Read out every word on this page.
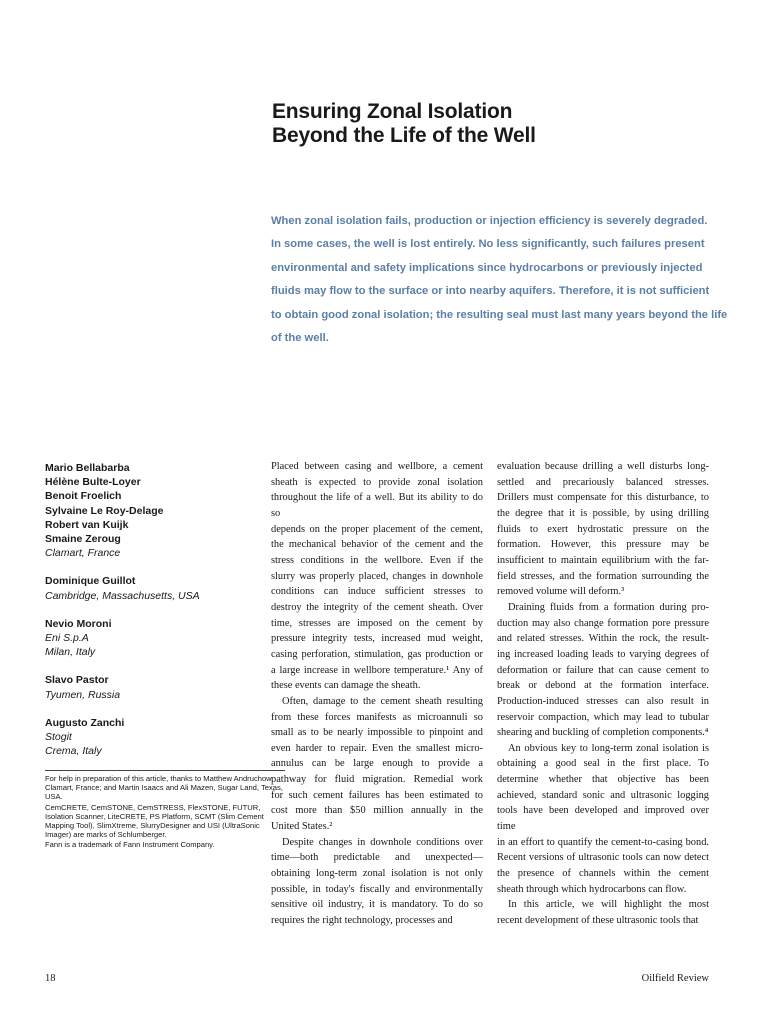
Ensuring Zonal Isolation
Beyond the Life of the Well
When zonal isolation fails, production or injection efficiency is severely degraded.
In some cases, the well is lost entirely. No less significantly, such failures present
environmental and safety implications since hydrocarbons or previously injected
fluids may flow to the surface or into nearby aquifers. Therefore, it is not sufficient
to obtain good zonal isolation; the resulting seal must last many years beyond the life
of the well.
Mario Bellabarba
Hélène Bulte-Loyer
Benoit Froelich
Sylvaine Le Roy-Delage
Robert van Kuijk
Smaine Zeroug
Clamart, France
Dominique Guillot
Cambridge, Massachusetts, USA
Nevio Moroni
Eni S.p.A
Milan, Italy
Slavo Pastor
Tyumen, Russia
Augusto Zanchi
Stogit
Crema, Italy

For help in preparation of this article, thanks to Matthew Andruchow, Clamart, France; and Martin Isaacs and Ali Mazen, Sugar Land, Texas, USA.

CemCRETE, CemSTONE, CemSTRESS, FlexSTONE, FUTUR, Isolation Scanner, LiteCRETE, PS Platform, SCMT (Slim Cement Mapping Tool), SlimXtreme, SlurryDesigner and USI (UltraSonic Imager) are marks of Schlumberger.

Fann is a trademark of Fann Instrument Company.

Placed between casing and wellbore, a cement
sheath is expected to provide zonal isolation
throughout the life of a well. But its ability to do so
depends on the proper placement of the cement,
the mechanical behavior of the cement and the
stress conditions in the wellbore. Even if the
slurry was properly placed, changes in downhole
conditions can induce sufficient stresses to
destroy the integrity of the cement sheath. Over
time, stresses are imposed on the cement by
pressure integrity tests, increased mud weight,
casing perforation, stimulation, gas production or
a large increase in wellbore temperature.¹ Any of
these events can damage the sheath.
Often, damage to the cement sheath resulting
from these forces manifests as microannuli so
small as to be nearly impossible to pinpoint and
even harder to repair. Even the smallest micro-
annulus can be large enough to provide a
pathway for fluid migration. Remedial work
for such cement failures has been estimated to
cost more than $50 million annually in the
United States.²
Despite changes in downhole conditions over
time—both predictable and unexpected—
obtaining long-term zonal isolation is not only
possible, in today's fiscally and environmentally
sensitive oil industry, it is mandatory. To do so
requires the right technology, processes and
evaluation because drilling a well disturbs long-
settled and precariously balanced stresses.
Drillers must compensate for this disturbance, to
the degree that it is possible, by using drilling
fluids to exert hydrostatic pressure on the
formation. However, this pressure may be
insufficient to maintain equilibrium with the far-
field stresses, and the formation surrounding the
removed volume will deform.³
Draining fluids from a formation during pro-
duction may also change formation pore pressure
and related stresses. Within the rock, the result-
ing increased loading leads to varying degrees of
deformation or failure that can cause cement to
break or debond at the formation interface.
Production-induced stresses can also result in
reservoir compaction, which may lead to tubular
shearing and buckling of completion components.⁴
An obvious key to long-term zonal isolation is
obtaining a good seal in the first place. To
determine whether that objective has been
achieved, standard sonic and ultrasonic logging
tools have been developed and improved over time
in an effort to quantify the cement-to-casing bond.
Recent versions of ultrasonic tools can now detect
the presence of channels within the cement
sheath through which hydrocarbons can flow.
In this article, we will highlight the most
recent development of these ultrasonic tools that
18	Oilfield Review
